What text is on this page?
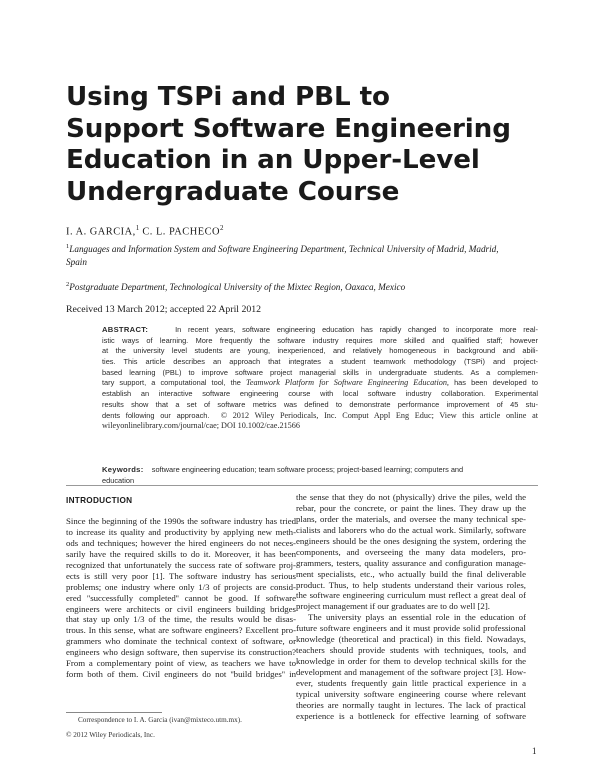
Using TSPi and PBL to
Support Software Engineering
Education in an Upper-Level
Undergraduate Course
I. A. GARCIA,$^1$ C. L. PACHECO$^2$
$^1$Languages and Information System and Software Engineering Department, Technical University of Madrid, Madrid,
Spain
$^2$Postgraduate Department, Technological University of the Mixtec Region, Oaxaca, Mexico
Received 13 March 2012; accepted 22 April 2012
ABSTRACT:	In recent years, software engineering education has rapidly changed to incorporate more real-
istic ways of learning. More frequently the software industry requires more skilled and qualified staff; however
at the university level students are young, inexperienced, and relatively homogeneous in background and abili-
ties. This article describes an approach that integrates a student teamwork methodology (TSPi) and project-
based learning (PBL) to improve software project managerial skills in undergraduate students. As a complemen-
tary support, a computational tool, the Teamwork Platform for Software Engineering Education, has been developed to
establish an interactive software engineering course with local software industry collaboration. Experimental
results show that a set of software metrics was defined to demonstrate performance improvement of 45 stu-
dents following our approach. © 2012 Wiley Periodicals, Inc. Comput Appl Eng Educ; View this article online at
wileyonlinelibrary.com/journal/cae; DOI 10.1002/cae.21566
Keywords: software engineering education; team software process; project-based learning; computers and
education
INTRODUCTION
Since the beginning of the 1990s the software industry has tried
to increase its quality and productivity by applying new meth-
ods and techniques; however the hired engineers do not neces-
sarily have the required skills to do it. Moreover, it has been
recognized that unfortunately the success rate of software proj-
ects is still very poor [1]. The software industry has serious
problems; one industry where only 1/3 of projects are consid-
ered ''successfully completed'' cannot be good. If software
engineers were architects or civil engineers building bridges
that stay up only 1/3 of the time, the results would be disas-
trous. In this sense, what are software engineers? Excellent pro-
grammers who dominate the technical context of software, or
engineers who design software, then supervise its construction?
From a complementary point of view, as teachers we have to
form both of them. Civil engineers do not ''build bridges'' in
the sense that they do not (physically) drive the piles, weld the
rebar, pour the concrete, or paint the lines. They draw up the
plans, order the materials, and oversee the many technical spe-
cialists and laborers who do the actual work. Similarly, software
engineers should be the ones designing the system, ordering the
components, and overseeing the many data modelers, pro-
grammers, testers, quality assurance and configuration manage-
ment specialists, etc., who actually build the final deliverable
product. Thus, to help students understand their various roles,
the software engineering curriculum must reflect a great deal of
project management if our graduates are to do well [2].
The university plays an essential role in the education of
future software engineers and it must provide solid professional
knowledge (theoretical and practical) in this field. Nowadays,
teachers should provide students with techniques, tools, and
knowledge in order for them to develop technical skills for the
development and management of the software project [3]. How-
ever, students frequently gain little practical experience in a
typical university software engineering course where relevant
theories are normally taught in lectures. The lack of practical
experience is a bottleneck for effective learning of software
Correspondence to I. A. Garcia (ivan@mixteco.utm.mx).
© 2012 Wiley Periodicals, Inc.
1
